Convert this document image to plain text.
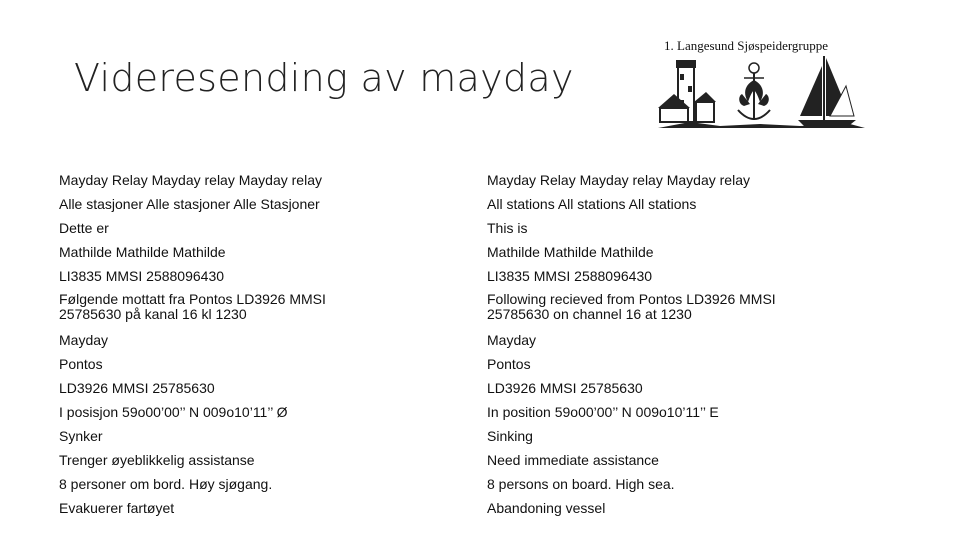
Videresending av mayday
1. Langesund Sjøspeidergruppe
Mayday Relay Mayday relay Mayday relay
Alle stasjoner Alle stasjoner Alle Stasjoner
Dette er
Mathilde Mathilde Mathilde
LI3835 MMSI 2588096430
Følgende mottatt fra Pontos LD3926 MMSI 25785630 på kanal 16 kl 1230
Mayday
Pontos
LD3926 MMSI 25785630
I posisjon 59o00’00’’ N 009o10’11’’ Ø
Synker
Trenger øyeblikkelig assistanse
8 personer om bord. Høy sjøgang.
Evakuerer fartøyet
Mayday Relay Mayday relay Mayday relay
All stations All stations All stations
This is
Mathilde Mathilde Mathilde
LI3835 MMSI 2588096430
Following recieved from Pontos LD3926 MMSI 25785630 on channel 16 at 1230
Mayday
Pontos
LD3926 MMSI 25785630
In position 59o00’00’’ N 009o10’11’’ E
Sinking
Need immediate assistance
8 persons on board. High sea.
Abandoning vessel
